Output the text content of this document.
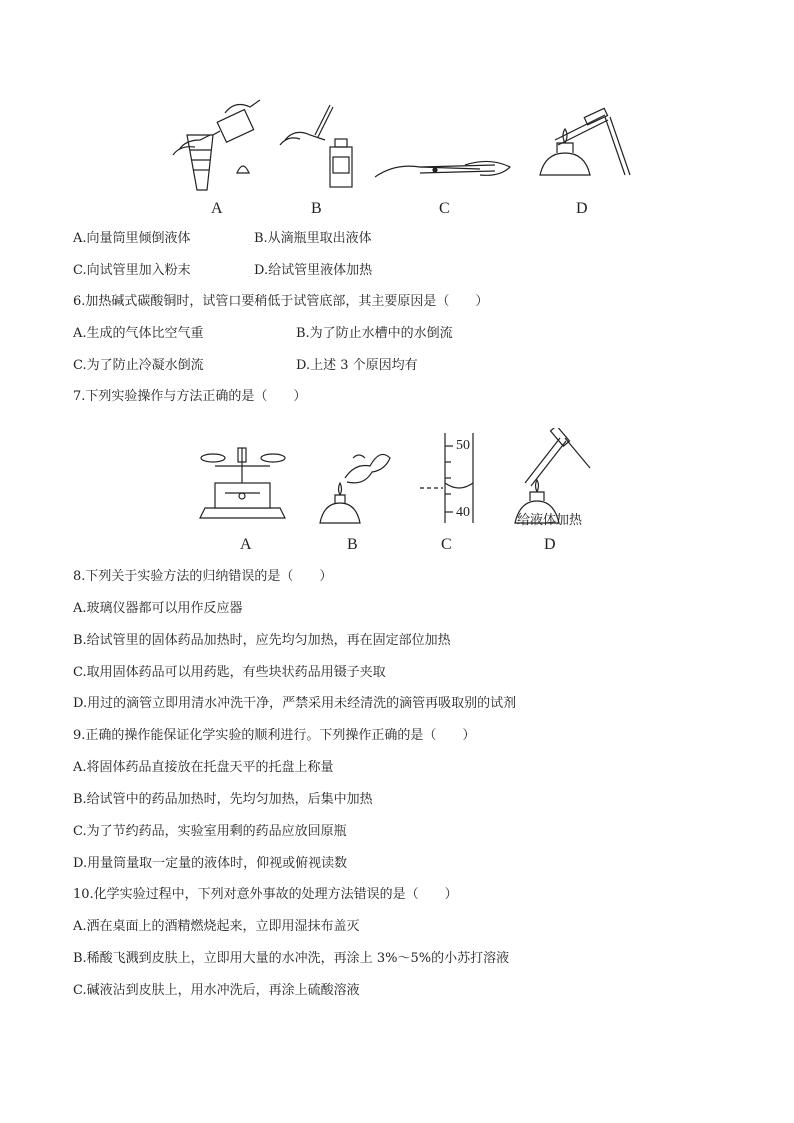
A	B	C	D
A.向量筒里倾倒液体	B.从滴瓶里取出液体
C.向试管里加入粉末	D.给试管里液体加热
6.加热碱式碳酸铜时，试管口要稍低于试管底部，其主要原因是（　　）
A.生成的气体比空气重	B.为了防止水槽中的水倒流
C.为了防止冷凝水倒流	D.上述 3 个原因均有
7.下列实验操作与方法正确的是（　　）
50
40
给液体加热
A	B	C	D
8.下列关于实验方法的归纳错误的是（　　）
A.玻璃仪器都可以用作反应器
B.给试管里的固体药品加热时，应先均匀加热，再在固定部位加热
C.取用固体药品可以用药匙，有些块状药品用镊子夹取
D.用过的滴管立即用清水冲洗干净，严禁采用未经清洗的滴管再吸取别的试剂
9.正确的操作能保证化学实验的顺利进行。下列操作正确的是（　　）
A.将固体药品直接放在托盘天平的托盘上称量
B.给试管中的药品加热时，先均匀加热，后集中加热
C.为了节约药品，实验室用剩的药品应放回原瓶
D.用量筒量取一定量的液体时，仰视或俯视读数
10.化学实验过程中，下列对意外事故的处理方法错误的是（　　）
A.洒在桌面上的酒精燃烧起来，立即用湿抹布盖灭
B.稀酸飞溅到皮肤上，立即用大量的水冲洗，再涂上 3%～5%的小苏打溶液
C.碱液沾到皮肤上，用水冲洗后，再涂上硫酸溶液
